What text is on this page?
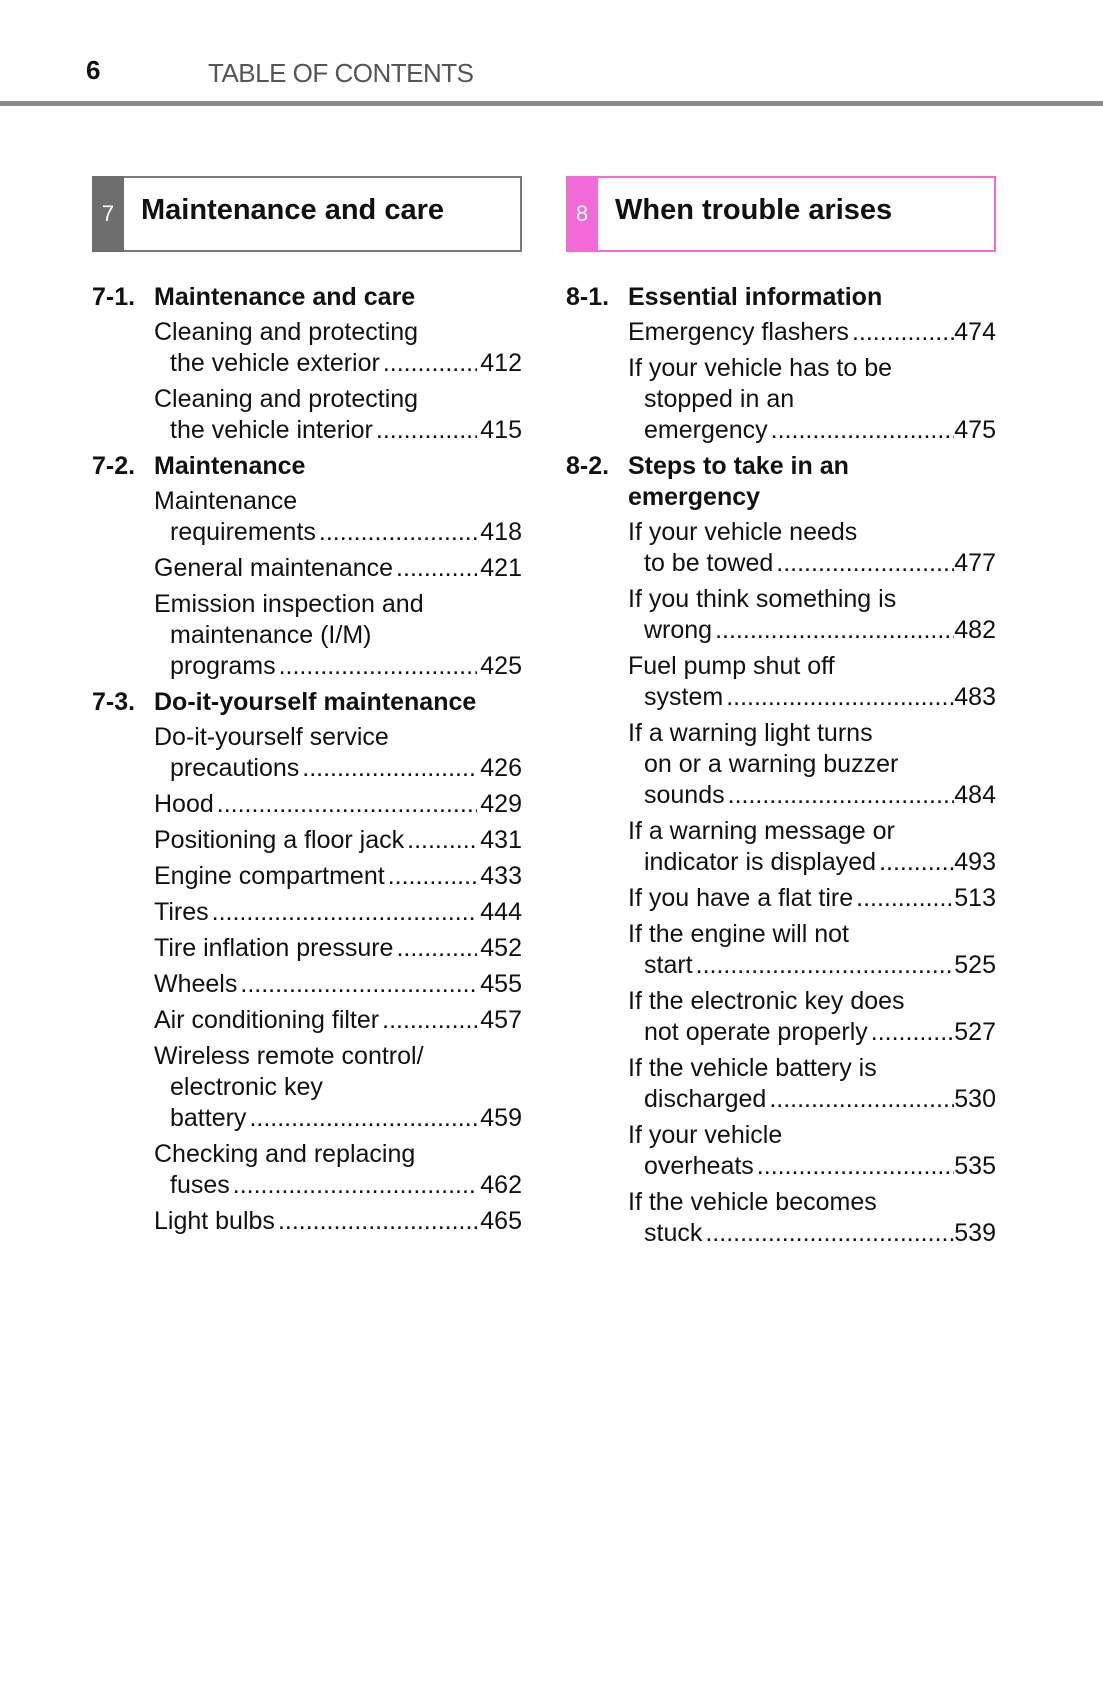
6	TABLE OF CONTENTS
7 Maintenance and care
7-1. Maintenance and care
Cleaning and protecting
the vehicle exterior .....	412
Cleaning and protecting
the vehicle interior .....	415
7-2. Maintenance
Maintenance
requirements .....	418
General maintenance .....	421
Emission inspection and
maintenance (I/M)
programs .....	425
7-3. Do-it-yourself maintenance
Do-it-yourself service
precautions .....	426
Hood .....	429
Positioning a floor jack .....	431
Engine compartment .....	433
Tires .....	444
Tire inflation pressure .....	452
Wheels .....	455
Air conditioning filter .....	457
Wireless remote control/
electronic key
battery .....	459
Checking and replacing
fuses .....	462
Light bulbs .....	465
8 When trouble arises
8-1. Essential information
Emergency flashers .....	474
If your vehicle has to be
stopped in an
emergency .....	475
8-2. Steps to take in an emergency
If your vehicle needs
to be towed .....	477
If you think something is
wrong .....	482
Fuel pump shut off
system .....	483
If a warning light turns
on or a warning buzzer
sounds .....	484
If a warning message or
indicator is displayed .....	493
If you have a flat tire .....	513
If the engine will not
start .....	525
If the electronic key does
not operate properly .....	527
If the vehicle battery is
discharged .....	530
If your vehicle
overheats .....	535
If the vehicle becomes
stuck .....	539
